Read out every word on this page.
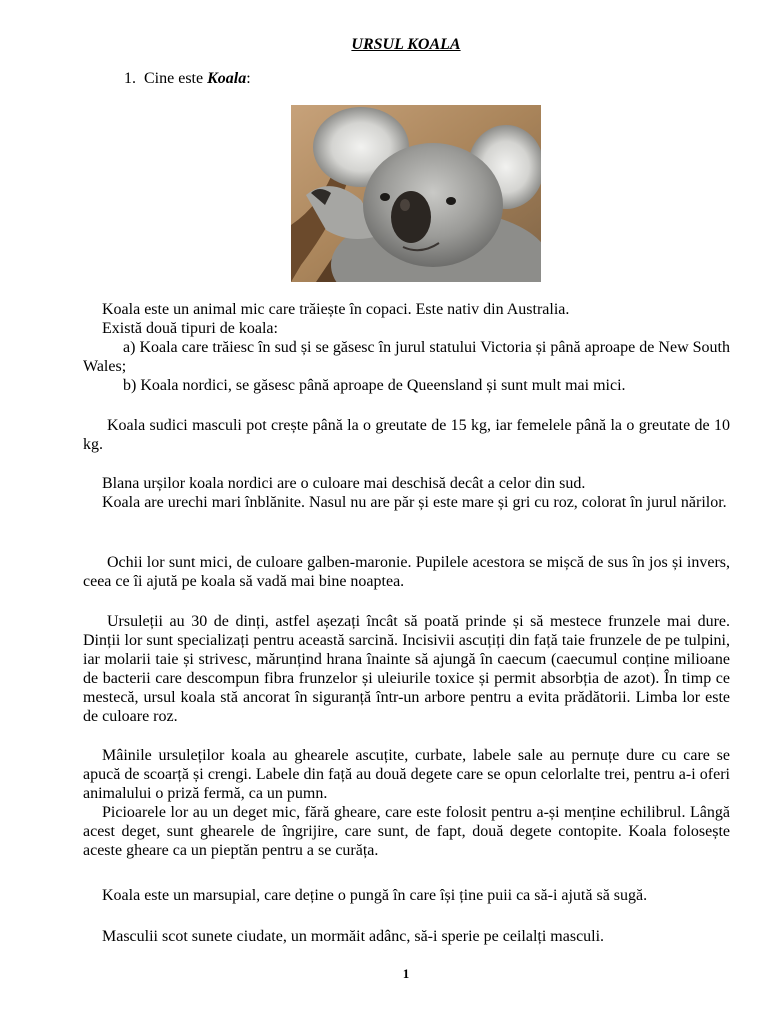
URSUL KOALA
1. Cine este Koala:
Koala este un animal mic care trăiește în copaci. Este nativ din Australia.
Există două tipuri de koala:
a) Koala care trăiesc în sud și se găsesc în jurul statului Victoria și până aproape de New South Wales;
b) Koala nordici, se găsesc până aproape de Queensland și sunt mult mai mici.
Koala sudici masculi pot crește până la o greutate de 15 kg, iar femelele până la o greutate de 10 kg.
Blana urșilor koala nordici are o culoare mai deschisă decât a celor din sud.
Koala are urechi mari înblănite. Nasul nu are păr și este mare și gri cu roz, colorat în jurul nărilor.
Ochii lor sunt mici, de culoare galben-maronie. Pupilele acestora se mișcă de sus în jos și invers, ceea ce îi ajută pe koala să vadă mai bine noaptea.
Ursuleții au 30 de dinți, astfel așezați încât să poată prinde și să mestece frunzele mai dure. Dinții lor sunt specializați pentru această sarcină. Incisivii ascuțiți din față taie frunzele de pe tulpini, iar molarii taie și strivesc, mărunțind hrana înainte să ajungă în caecum (caecumul conține milioane de bacterii care descompun fibra frunzelor și uleiurile toxice și permit absorbția de azot). În timp ce mestecă, ursul koala stă ancorat în siguranță într-un arbore pentru a evita prădătorii. Limba lor este de culoare roz.
Mâinile ursuleților koala au ghearele ascuțite, curbate, labele sale au pernuțe dure cu care se apucă de scoarță și crengi. Labele din față au două degete care se opun celorlalte trei, pentru a-i oferi animalului o priză fermă, ca un pumn.
Picioarele lor au un deget mic, fără gheare, care este folosit pentru a-și menține echilibrul. Lângă acest deget, sunt ghearele de îngrijire, care sunt, de fapt, două degete contopite. Koala folosește aceste gheare ca un pieptăn pentru a se curăța.
Koala este un marsupial, care deține o pungă în care își ține puii ca să-i ajută să sugă.
Masculii scot sunete ciudate, un mormăit adânc, să-i sperie pe ceilalți masculi.
1
